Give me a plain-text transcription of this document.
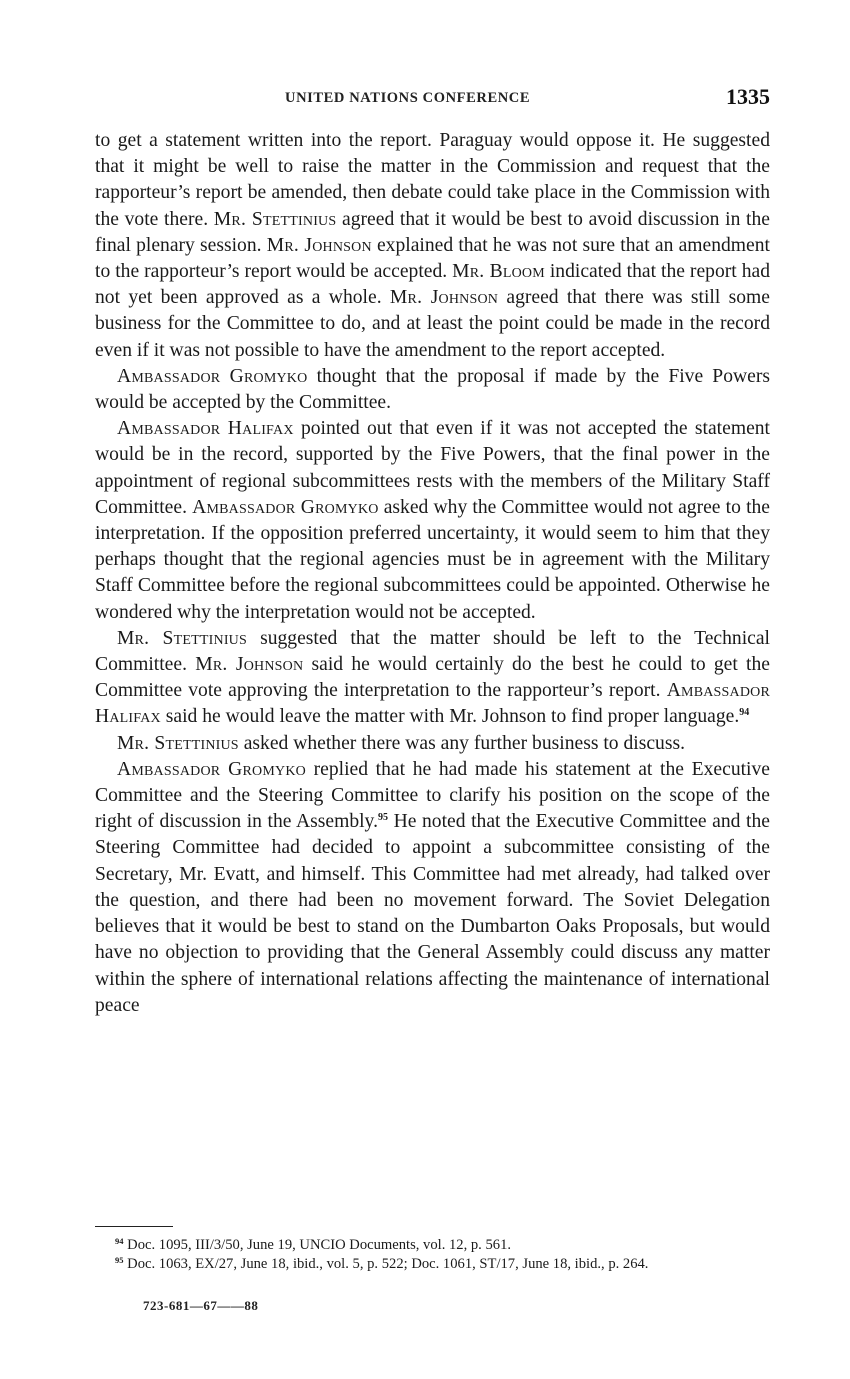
UNITED NATIONS CONFERENCE	1335

to get a statement written into the report. Paraguay would oppose it. He suggested that it might be well to raise the matter in the Commission and request that the rapporteur’s report be amended, then debate could take place in the Commission with the vote there. Mr. Stettinius agreed that it would be best to avoid discussion in the final plenary session. Mr. Johnson explained that he was not sure that an amendment to the rapporteur’s report would be accepted. Mr. Bloom indicated that the report had not yet been approved as a whole. Mr. Johnson agreed that there was still some business for the Committee to do, and at least the point could be made in the record even if it was not possible to have the amendment to the report accepted.

Ambassador Gromyko thought that the proposal if made by the Five Powers would be accepted by the Committee.

Ambassador Halifax pointed out that even if it was not accepted the statement would be in the record, supported by the Five Powers, that the final power in the appointment of regional subcommittees rests with the members of the Military Staff Committee. Ambassador Gromyko asked why the Committee would not agree to the interpretation. If the opposition preferred uncertainty, it would seem to him that they perhaps thought that the regional agencies must be in agreement with the Military Staff Committee before the regional subcommittees could be appointed. Otherwise he wondered why the interpretation would not be accepted.

Mr. Stettinius suggested that the matter should be left to the Technical Committee. Mr. Johnson said he would certainly do the best he could to get the Committee vote approving the interpretation to the rapporteur’s report. Ambassador Halifax said he would leave the matter with Mr. Johnson to find proper language.$^{94}$

Mr. Stettinius asked whether there was any further business to discuss.

Ambassador Gromyko replied that he had made his statement at the Executive Committee and the Steering Committee to clarify his position on the scope of the right of discussion in the Assembly.$^{95}$ He noted that the Executive Committee and the Steering Committee had decided to appoint a subcommittee consisting of the Secretary, Mr. Evatt, and himself. This Committee had met already, had talked over the question, and there had been no movement forward. The Soviet Delegation believes that it would be best to stand on the Dumbarton Oaks Proposals, but would have no objection to providing that the General Assembly could discuss any matter within the sphere of international relations affecting the maintenance of international peace

$^{94}$ Doc. 1095, III/3/50, June 19, UNCIO Documents, vol. 12, p. 561.

$^{95}$ Doc. 1063, EX/27, June 18, ibid., vol. 5, p. 522; Doc. 1061, ST/17, June 18, ibid., p. 264.

723-681—67——88
